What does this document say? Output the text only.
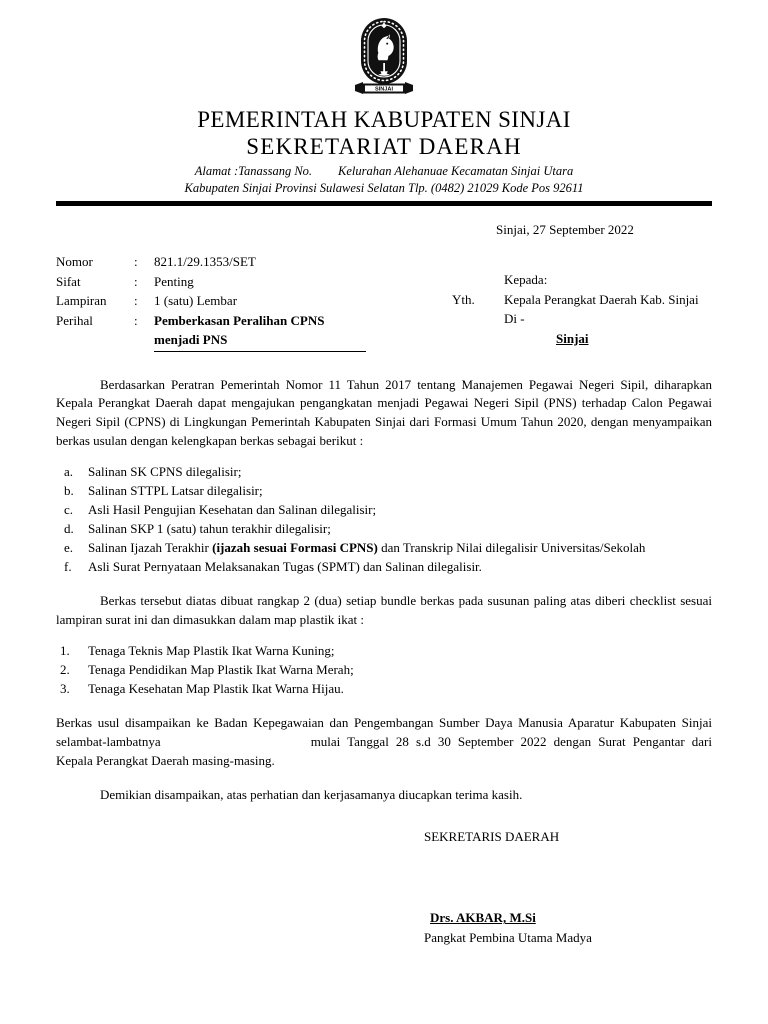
SINJAI
PEMERINTAH KABUPATEN SINJAI
SEKRETARIAT DAERAH
Alamat :Tanassang No. Kelurahan Alehanuae Kecamatan Sinjai Utara
Kabupaten Sinjai Provinsi Sulawesi Selatan Tlp. (0482) 21029 Kode Pos 92611
Sinjai, 27 September 2022
Nomor	:	821.1/29.1353/SET
Sifat	:	Penting
Lampiran	:	1 (satu) Lembar
Perihal	:	Pemberkasan Peralihan CPNS
menjadi PNS
Kepada:
Yth.	Kepala Perangkat Daerah Kab. Sinjai
Di -
Sinjai

Berdasarkan Peratran Pemerintah Nomor 11 Tahun 2017 tentang Manajemen Pegawai Negeri Sipil, diharapkan Kepala Perangkat Daerah dapat mengajukan pengangkatan menjadi Pegawai Negeri Sipil (PNS) terhadap Calon Pegawai Negeri Sipil (CPNS) di Lingkungan Pemerintah Kabupaten Sinjai dari Formasi Umum Tahun 2020, dengan menyampaikan berkas usulan dengan kelengkapan berkas sebagai berikut :

a.	Salinan SK CPNS dilegalisir;
b.	Salinan STTPL Latsar dilegalisir;
c.	Asli Hasil Pengujian Kesehatan dan Salinan dilegalisir;
d.	Salinan SKP 1 (satu) tahun terakhir dilegalisir;
e.	Salinan Ijazah Terakhir (ijazah sesuai Formasi CPNS) dan Transkrip Nilai dilegalisir Universitas/Sekolah
f.	Asli Surat Pernyataan Melaksanakan Tugas (SPMT) dan Salinan dilegalisir.

Berkas tersebut diatas dibuat rangkap 2 (dua) setiap bundle berkas pada susunan paling atas diberi checklist sesuai lampiran surat ini dan dimasukkan dalam map plastik ikat :

1.	Tenaga Teknis Map Plastik Ikat Warna Kuning;
2.	Tenaga Pendidikan Map Plastik Ikat Warna Merah;
3.	Tenaga Kesehatan Map Plastik Ikat Warna Hijau.

Berkas usul disampaikan ke Badan Kepegawaian dan Pengembangan Sumber Daya Manusia Aparatur Kabupaten Sinjai selambat-lambatnya	mulai Tanggal 28 s.d 30 September 2022 dengan Surat Pengantar dari Kepala Perangkat Daerah masing-masing.

Demikian disampaikan, atas perhatian dan kerjasamanya diucapkan terima kasih.

SEKRETARIS DAERAH
Drs. AKBAR, M.Si
Pangkat Pembina Utama Madya
